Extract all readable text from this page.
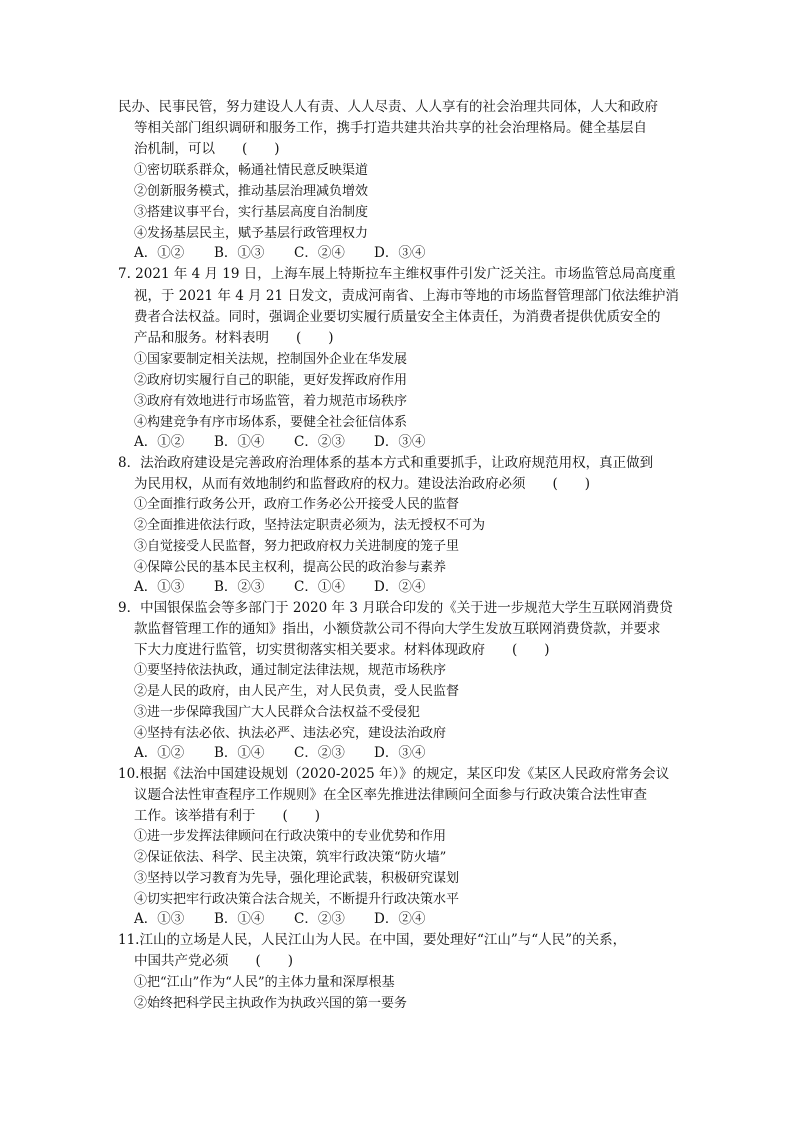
民办、民事民管，努力建设人人有责、人人尽责、人人享有的社会治理共同体，人大和政府
等相关部门组织调研和服务工作，携手打造共建共治共享的社会治理格局。健全基层自
治机制，可以　　(　　)
①密切联系群众，畅通社情民意反映渠道
②创新服务模式，推动基层治理减负增效
③搭建议事平台，实行基层高度自治制度
④发扬基层民主，赋予基层行政管理权力
A．①② B．①③ C．②④ D．③④
7. 2021 年 4 月 19 日，上海车展上特斯拉车主维权事件引发广泛关注。市场监管总局高度重
视，于 2021 年 4 月 21 日发文，责成河南省、上海市等地的市场监督管理部门依法维护消
费者合法权益。同时，强调企业要切实履行质量安全主体责任，为消费者提供优质安全的
产品和服务。材料表明　　(　　)
①国家要制定相关法规，控制国外企业在华发展
②政府切实履行自己的职能，更好发挥政府作用
③政府有效地进行市场监管，着力规范市场秩序
④构建竞争有序市场体系，要健全社会征信体系
A．①② B．①④ C．②③ D．③④
8．法治政府建设是完善政府治理体系的基本方式和重要抓手，让政府规范用权，真正做到
为民用权，从而有效地制约和监督政府的权力。建设法治政府必须　　(　　)
①全面推行政务公开，政府工作务必公开接受人民的监督
②全面推进依法行政，坚持法定职责必须为，法无授权不可为
③自觉接受人民监督，努力把政府权力关进制度的笼子里
④保障公民的基本民主权利，提高公民的政治参与素养
A．①③ B．②③ C．①④ D．②④
9．中国银保监会等多部门于 2020 年 3 月联合印发的《关于进一步规范大学生互联网消费贷
款监督管理工作的通知》指出，小额贷款公司不得向大学生发放互联网消费贷款，并要求
下大力度进行监管，切实贯彻落实相关要求。材料体现政府　　(　　)
①要坚持依法执政，通过制定法律法规，规范市场秩序
②是人民的政府，由人民产生，对人民负责，受人民监督
③进一步保障我国广大人民群众合法权益不受侵犯
④坚持有法必依、执法必严、违法必究，建设法治政府
A．①② B．①④ C．②③ D．③④
10.根据《法治中国建设规划（2020-2025 年）》的规定，某区印发《某区人民政府常务会议
议题合法性审查程序工作规则》在全区率先推进法律顾问全面参与行政决策合法性审查
工作。该举措有利于　　(　　)
①进一步发挥法律顾问在行政决策中的专业优势和作用
②保证依法、科学、民主决策，筑牢行政决策“防火墙”
③坚持以学习教育为先导，强化理论武装，积极研究谋划
④切实把牢行政决策合法合规关，不断提升行政决策水平
A．①③ B．①④ C．②③ D．②④
11.江山的立场是人民，人民江山为人民。在中国，要处理好“江山”与“人民”的关系，
中国共产党必须　　(　　)
①把“江山”作为“人民”的主体力量和深厚根基
②始终把科学民主执政作为执政兴国的第一要务
